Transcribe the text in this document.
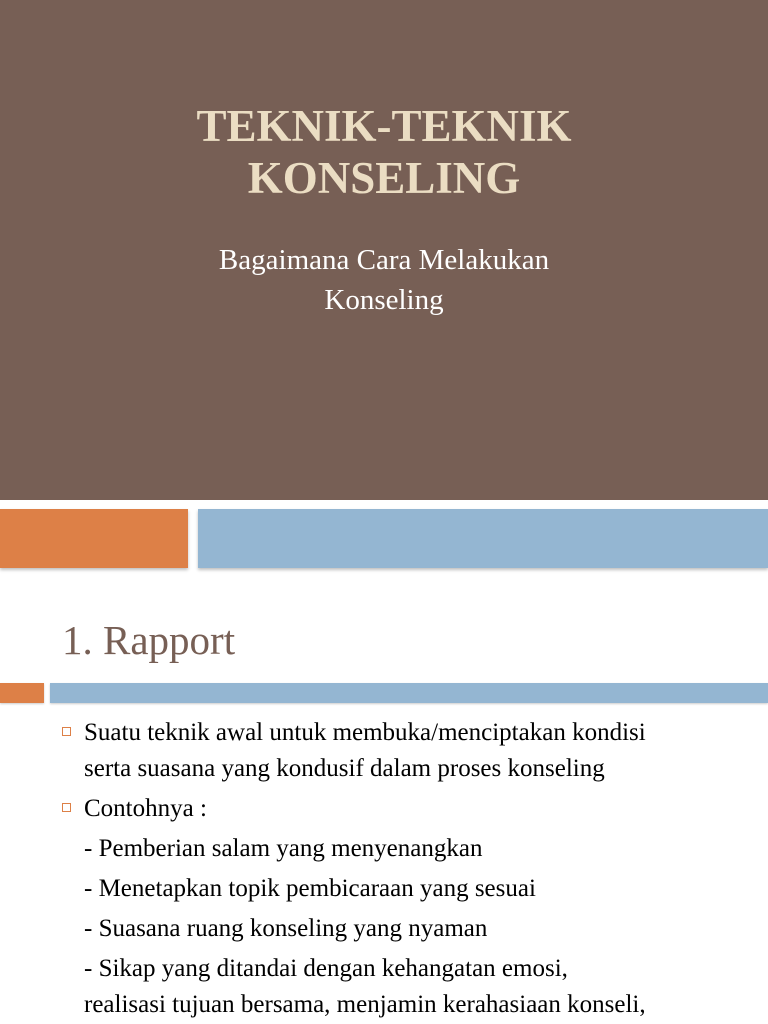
TEKNIK-TEKNIK
KONSELING
Bagaimana Cara Melakukan
Konseling
1. Rapport
Suatu teknik awal untuk membuka/menciptakan kondisi
serta suasana yang kondusif dalam proses konseling
Contohnya :
- Pemberian salam yang menyenangkan
- Menetapkan topik pembicaraan yang sesuai
- Suasana ruang konseling yang nyaman
- Sikap yang ditandai dengan kehangatan emosi,
realisasi tujuan bersama, menjamin kerahasiaan konseli,
